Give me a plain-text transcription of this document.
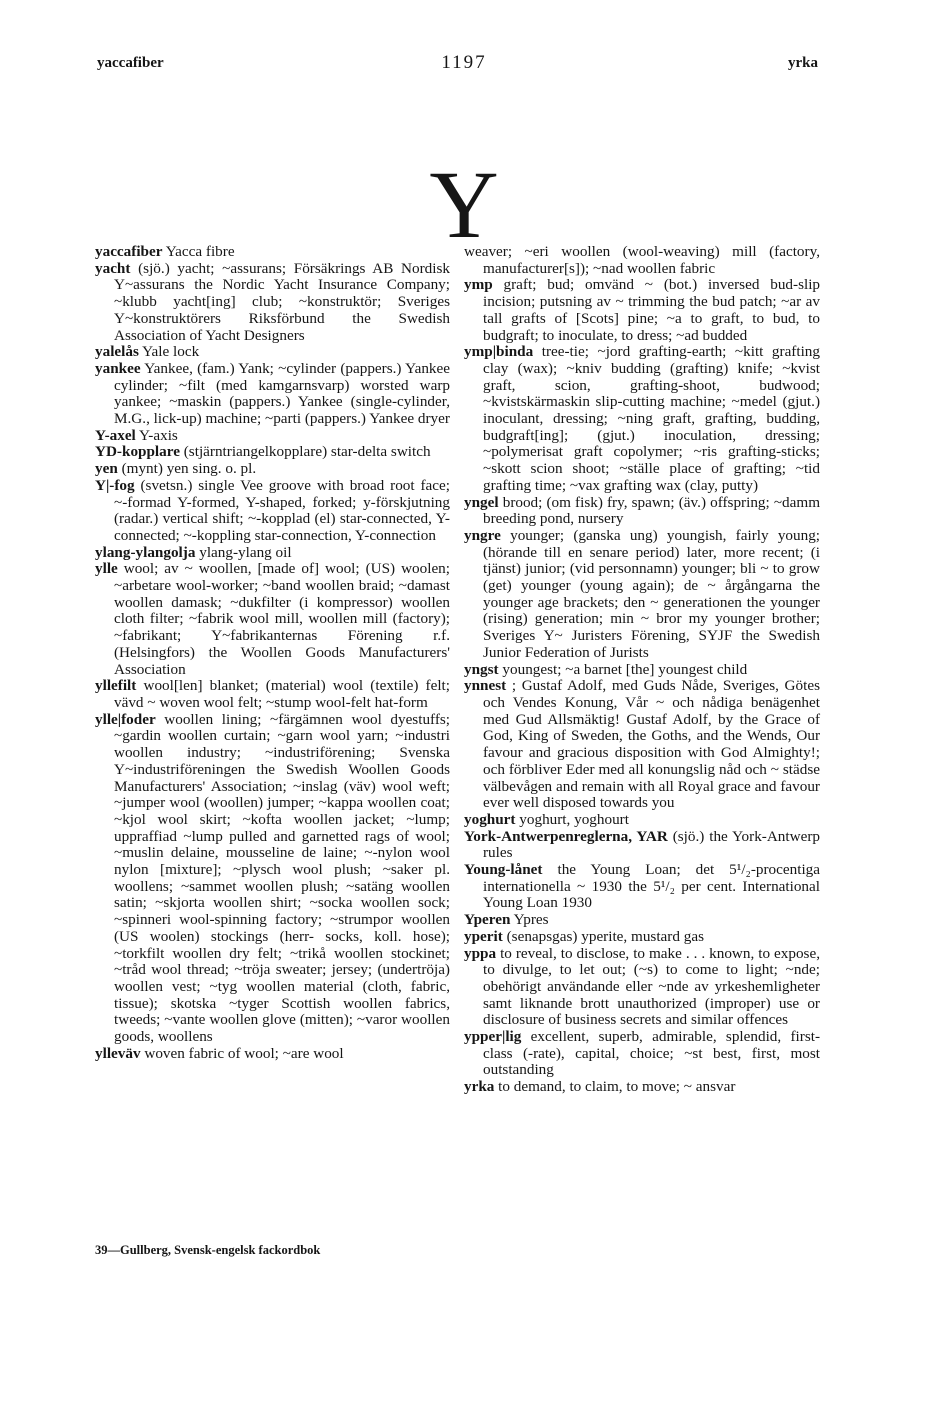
yaccafiber	1197	yrka
Y

yaccafiber Yacca fibre

yacht (sjö.) yacht; ~assurans; Försäkrings AB Nordisk Y~assurans the Nordic Yacht Insurance Company; ~klubb yacht[ing] club; ~konstruktör; Sveriges Y~konstruktörers Riksförbund the Swedish Association of Yacht Designers

yalelås Yale lock

yankee Yankee, (fam.) Yank; ~cylinder (pappers.) Yankee cylinder; ~filt (med kamgarnsvarp) worsted warp yankee; ~maskin (pappers.) Yankee (single-cylinder, M.G., lick-up) machine; ~parti (pappers.) Yankee dryer

Y-axel Y-axis

YD-kopplare (stjärntriangelkopplare) star-delta switch

yen (mynt) yen sing. o. pl.

Y|-fog (svetsn.) single Vee groove with broad root face; ~-formad Y-formed, Y-shaped, forked; y-förskjutning (radar.) vertical shift; ~-kopplad (el) star-connected, Y-connected; ~-koppling star-connection, Y-connection

ylang-ylangolja ylang-ylang oil

ylle wool; av ~ woollen, [made of] wool; (US) woolen; ~arbetare wool-worker; ~band woollen braid; ~damast woollen damask; ~dukfilter (i kompressor) woollen cloth filter; ~fabrik wool mill, woollen mill (factory); ~fabrikant; Y~fabrikanternas Förening r.f. (Helsingfors) the Woollen Goods Manufacturers' Association

yllefilt wool[len] blanket; (material) wool (textile) felt; vävd ~ woven wool felt; ~stump wool-felt hat-form

ylle|foder woollen lining; ~färgämnen wool dyestuffs; ~gardin woollen curtain; ~garn wool yarn; ~industri woollen industry; ~industriförening; Svenska Y~industriföreningen the Swedish Woollen Goods Manufacturers' Association; ~inslag (väv) wool weft; ~jumper wool (woollen) jumper; ~kappa woollen coat; ~kjol wool skirt; ~kofta woollen jacket; ~lump; uppraffiad ~lump pulled and garnetted rags of wool; ~muslin delaine, mousseline de laine; ~-nylon wool nylon [mixture]; ~plysch wool plush; ~saker pl. woollens; ~sammet woollen plush; ~satäng woollen satin; ~skjorta woollen shirt; ~socka woollen sock; ~spinneri wool-spinning factory; ~strumpor woollen (US woolen) stockings (herr- socks, koll. hose); ~torkfilt woollen dry felt; ~trikå woollen stockinet; ~tråd wool thread; ~tröja sweater; jersey; (undertröja) woollen vest; ~tyg woollen material (cloth, fabric, tissue); skotska ~tyger Scottish woollen fabrics, tweeds; ~vante woollen glove (mitten); ~varor woollen goods, woollens

ylleväv woven fabric of wool; ~are wool

weaver; ~eri woollen (wool-weaving) mill (factory, manufacturer[s]); ~nad woollen fabric

ymp graft; bud; omvänd ~ (bot.) inversed bud-slip incision; putsning av ~ trimming the bud patch; ~ar av tall grafts of [Scots] pine; ~a to graft, to bud, to budgraft; to inoculate, to dress; ~ad budded

ymp|binda tree-tie; ~jord grafting-earth; ~kitt grafting clay (wax); ~kniv budding (grafting) knife; ~kvist graft, scion, grafting-shoot, budwood; ~kvistskärmaskin slip-cutting machine; ~medel (gjut.) inoculant, dressing; ~ning graft, grafting, budding, budgraft[ing]; (gjut.) inoculation, dressing; ~polymerisat graft copolymer; ~ris grafting-sticks; ~skott scion shoot; ~ställe place of grafting; ~tid grafting time; ~vax grafting wax (clay, putty)

yngel brood; (om fisk) fry, spawn; (äv.) offspring; ~damm breeding pond, nursery

yngre younger; (ganska ung) youngish, fairly young; (hörande till en senare period) later, more recent; (i tjänst) junior; (vid personnamn) younger; bli ~ to grow (get) younger (young again); de ~ årgångarna the younger age brackets; den ~ generationen the younger (rising) generation; min ~ bror my younger brother; Sveriges Y~ Juristers Förening, SYJF the Swedish Junior Federation of Jurists

yngst youngest; ~a barnet [the] youngest child

ynnest ; Gustaf Adolf, med Guds Nåde, Sveriges, Götes och Vendes Konung, Vår ~ och nådiga benägenhet med Gud Allsmäktig! Gustaf Adolf, by the Grace of God, King of Sweden, the Goths, and the Wends, Our favour and gracious disposition with God Almighty!; och förbliver Eder med all konungslig nåd och ~ städse välbevågen and remain with all Royal grace and favour ever well disposed towards you

yoghurt yoghurt, yoghourt

York-Antwerpenreglerna, YAR (sjö.) the York-Antwerp rules

Young-lånet the Young Loan; det 5¹/₂-procentiga internationella ~ 1930 the 5¹/₂ per cent. International Young Loan 1930

Yperen Ypres

yperit (senapsgas) yperite, mustard gas

yppa to reveal, to disclose, to make . . . known, to expose, to divulge, to let out; (~s) to come to light; ~nde; obehörigt användande eller ~nde av yrkeshemligheter samt liknande brott unauthorized (improper) use or disclosure of business secrets and similar offences

ypper|lig excellent, superb, admirable, splendid, first-class (-rate), capital, choice; ~st best, first, most outstanding

yrka to demand, to claim, to move; ~ ansvar

39—Gullberg, Svensk-engelsk fackordbok
